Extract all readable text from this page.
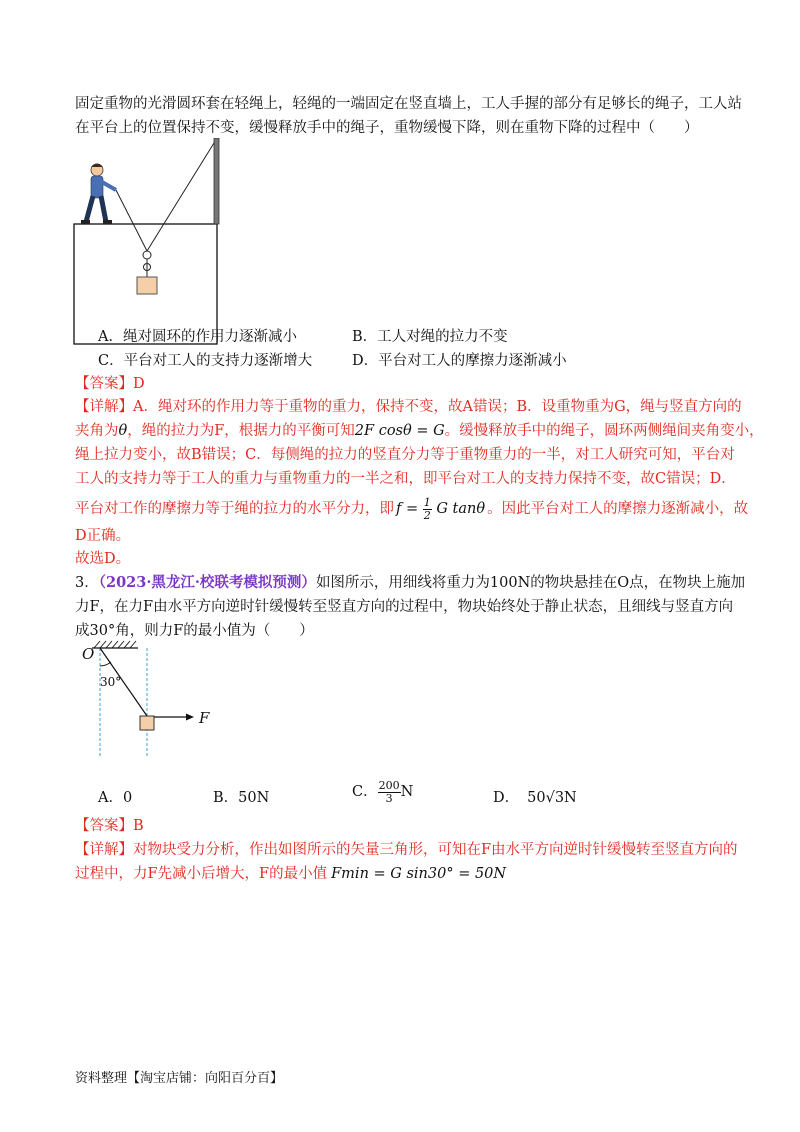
固定重物的光滑圆环套在轻绳上，轻绳的一端固定在竖直墙上，工人手握的部分有足够长的绳子，工人站
在平台上的位置保持不变，缓慢释放手中的绳子，重物缓慢下降，则在重物下降的过程中（　　）
A．绳对圆环的作用力逐渐减小	B．工人对绳的拉力不变
C．平台对工人的支持力逐渐增大	D．平台对工人的摩擦力逐渐减小
【答案】D
【详解】A．绳对环的作用力等于重物的重力，保持不变，故A错误；B．设重物重为G，绳与竖直方向的
夹角为θ，绳的拉力为F，根据力的平衡可知2F cosθ = G。缓慢释放手中的绳子，圆环两侧绳间夹角变小，
绳上拉力变小，故B错误；C．每侧绳的拉力的竖直分力等于重物重力的一半，对工人研究可知，平台对
工人的支持力等于工人的重力与重物重力的一半之和，即平台对工人的支持力保持不变，故C错误；D．
平台对工作的摩擦力等于绳的拉力的水平分力，即 $f = \frac{1}{2}$ G tanθ 。因此平台对工人的摩擦力逐渐减小，故
D正确。
故选D。
3．（2023·黑龙江·校联考模拟预测）如图所示，用细线将重力为100N的物块悬挂在O点，在物块上施加
力F，在力F由水平方向逆时针缓慢转至竖直方向的过程中，物块始终处于静止状态，且细线与竖直方向
成30°角，则力F的最小值为（　　）
O
30°
F
A．0	B．50N	C． $\frac{200}{3}$ N	D． 50√3N
【答案】B
【详解】对物块受力分析，作出如图所示的矢量三角形，可知在F由水平方向逆时针缓慢转至竖直方向的
过程中，力F先减小后增大，F的最小值 Fmin = G sin30° = 50N
资料整理【淘宝店铺：向阳百分百】
